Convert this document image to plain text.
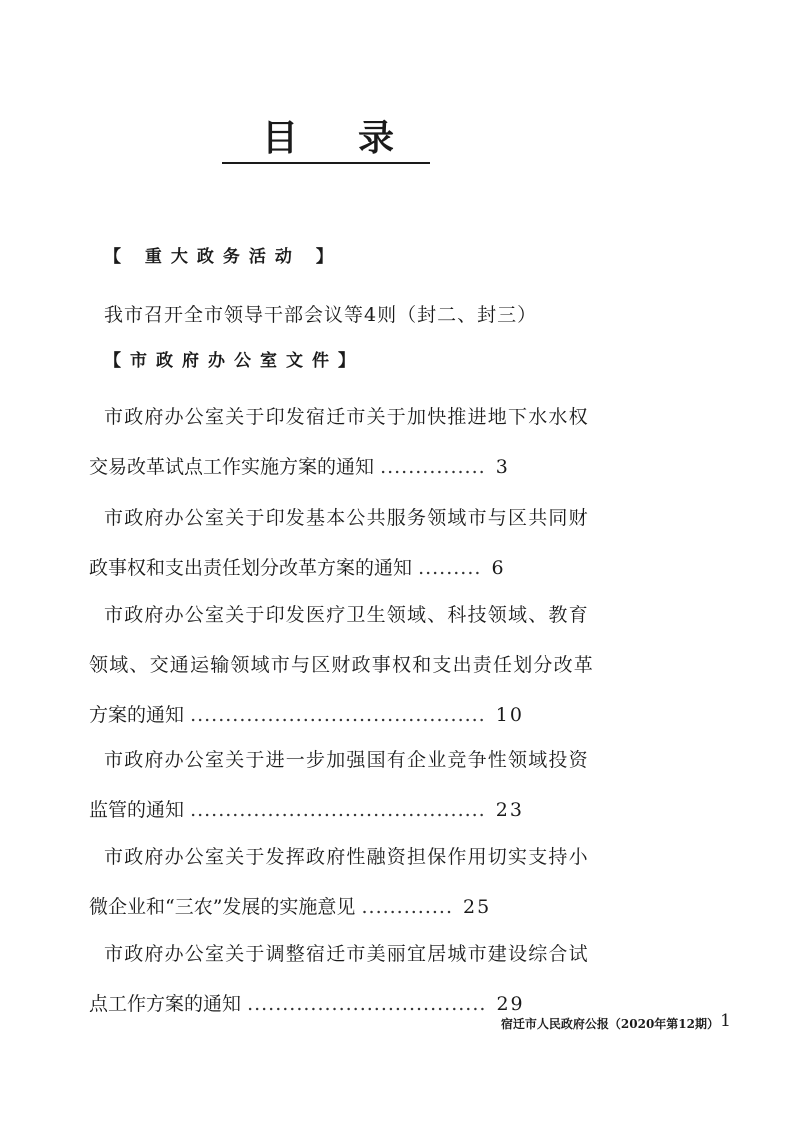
目 录
【 重大政务活动 】
我市召开全市领导干部会议等4则（封二、封三）
【市政府办公室文件】
市政府办公室关于印发宿迁市关于加快推进地下水水权
交易改革试点工作实施方案的通知 ............... 3
市政府办公室关于印发基本公共服务领域市与区共同财
政事权和支出责任划分改革方案的通知 ......... 6
市政府办公室关于印发医疗卫生领域、科技领域、教育
领域、交通运输领域市与区财政事权和支出责任划分改革
方案的通知 .......................................... 10
市政府办公室关于进一步加强国有企业竞争性领域投资
监管的通知 .......................................... 23
市政府办公室关于发挥政府性融资担保作用切实支持小
微企业和“三农”发展的实施意见 ............. 25
市政府办公室关于调整宿迁市美丽宜居城市建设综合试
点工作方案的通知 .................................. 29
宿迁市人民政府公报（2020年第12期） 1
